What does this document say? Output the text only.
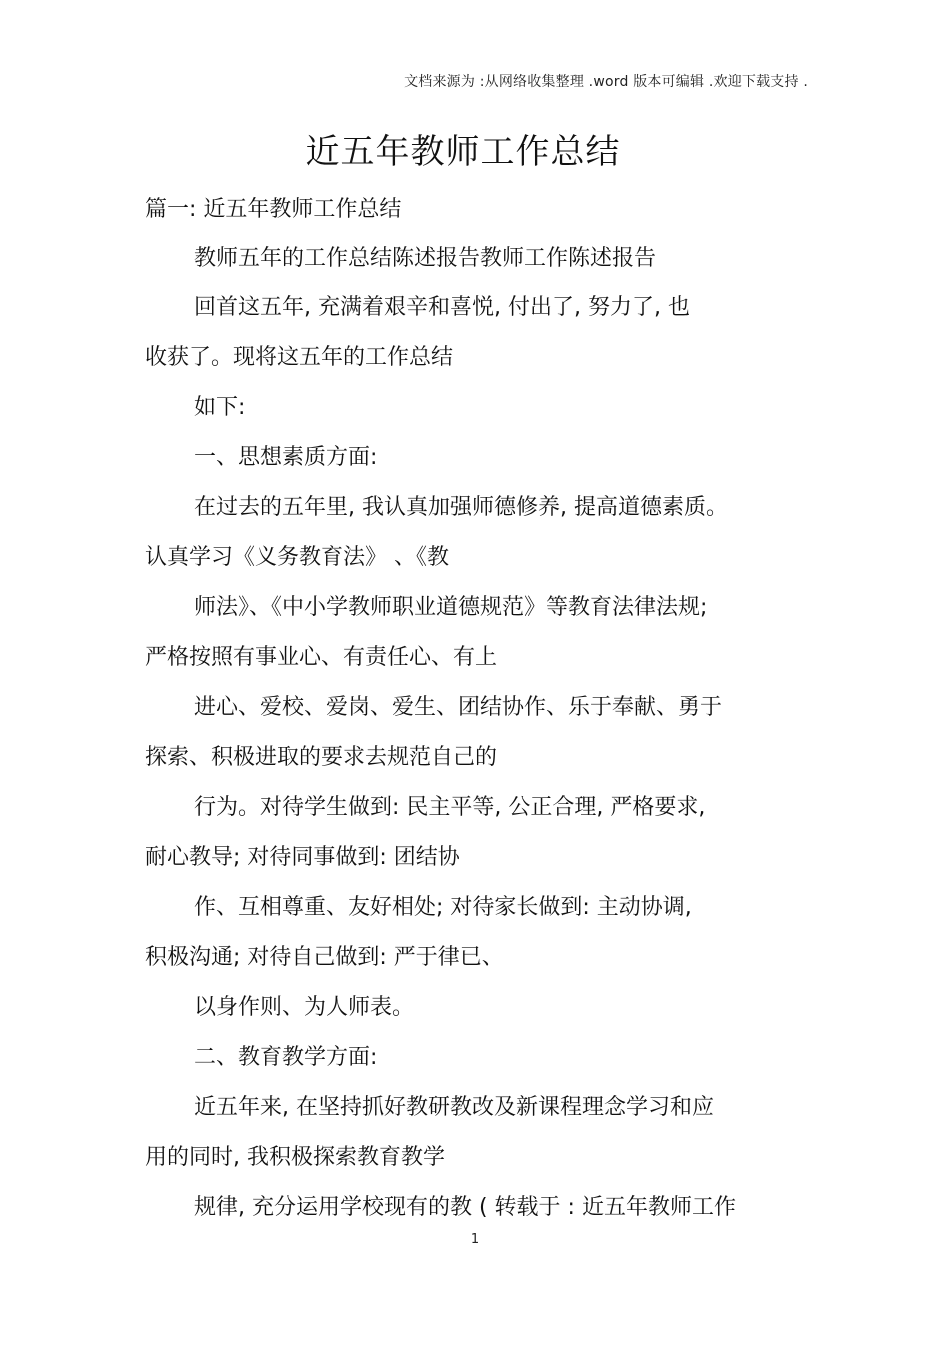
文档来源为 :从网络收集整理 .word 版本可编辑 .欢迎下载支持 .
近五年教师工作总结
篇一: 近五年教师工作总结
教师五年的工作总结陈述报告教师工作陈述报告
回首这五年, 充满着艰辛和喜悦, 付出了, 努力了, 也
收获了。现将这五年的工作总结
如下:
一、思想素质方面:
在过去的五年里, 我认真加强师德修养, 提高道德素质。
认真学习《义务教育法》 、《教
师法》、《中小学教师职业道德规范》等教育法律法规;
严格按照有事业心、有责任心、有上
进心、爱校、爱岗、爱生、团结协作、乐于奉献、勇于
探索、积极进取的要求去规范自己的
行为。对待学生做到: 民主平等, 公正合理, 严格要求,
耐心教导; 对待同事做到: 团结协
作、互相尊重、友好相处; 对待家长做到: 主动协调,
积极沟通; 对待自己做到: 严于律已、
以身作则、为人师表。
二、教育教学方面:
近五年来, 在坚持抓好教研教改及新课程理念学习和应
用的同时, 我积极探索教育教学
规律, 充分运用学校现有的教 ( 转载于 : 近五年教师工作
1
